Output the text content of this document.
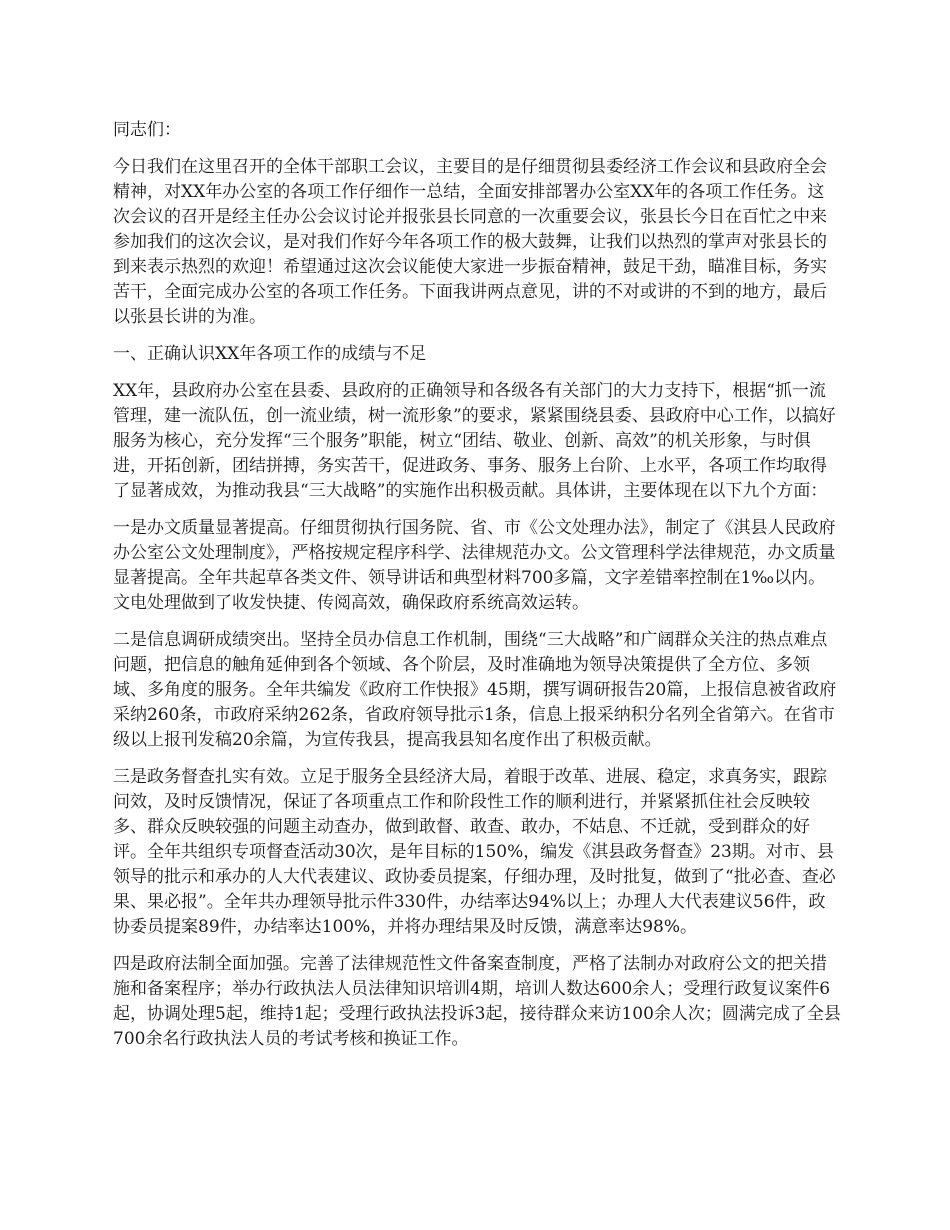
同志们：

今日我们在这里召开的全体干部职工会议，主要目的是仔细贯彻县委经济工作会议和县政府全会精神，对XX年办公室的各项工作仔细作一总结，全面安排部署办公室XX年的各项工作任务。这次会议的召开是经主任办公会议讨论并报张县长同意的一次重要会议，张县长今日在百忙之中来参加我们的这次会议，是对我们作好今年各项工作的极大鼓舞，让我们以热烈的掌声对张县长的到来表示热烈的欢迎！希望通过这次会议能使大家进一步振奋精神，鼓足干劲，瞄准目标，务实苦干，全面完成办公室的各项工作任务。下面我讲两点意见，讲的不对或讲的不到的地方，最后以张县长讲的为准。

一、正确认识XX年各项工作的成绩与不足

XX年，县政府办公室在县委、县政府的正确领导和各级各有关部门的大力支持下，根据“抓一流管理，建一流队伍，创一流业绩，树一流形象”的要求，紧紧围绕县委、县政府中心工作，以搞好服务为核心，充分发挥“三个服务”职能，树立“团结、敬业、创新、高效”的机关形象，与时俱进，开拓创新，团结拼搏，务实苦干，促进政务、事务、服务上台阶、上水平，各项工作均取得了显著成效，为推动我县“三大战略”的实施作出积极贡献。具体讲，主要体现在以下九个方面：

一是办文质量显著提高。仔细贯彻执行国务院、省、市《公文处理办法》，制定了《淇县人民政府办公室公文处理制度》，严格按规定程序科学、法律规范办文。公文管理科学法律规范，办文质量显著提高。全年共起草各类文件、领导讲话和典型材料700多篇，文字差错率控制在1‰以内。文电处理做到了收发快捷、传阅高效，确保政府系统高效运转。

二是信息调研成绩突出。坚持全员办信息工作机制，围绕“三大战略”和广阔群众关注的热点难点问题，把信息的触角延伸到各个领域、各个阶层，及时准确地为领导决策提供了全方位、多领域、多角度的服务。全年共编发《政府工作快报》45期，撰写调研报告20篇，上报信息被省政府采纳260条，市政府采纳262条，省政府领导批示1条，信息上报采纳积分名列全省第六。在省市级以上报刊发稿20余篇，为宣传我县，提高我县知名度作出了积极贡献。

三是政务督查扎实有效。立足于服务全县经济大局，着眼于改革、进展、稳定，求真务实，跟踪问效，及时反馈情况，保证了各项重点工作和阶段性工作的顺利进行，并紧紧抓住社会反映较多、群众反映较强的问题主动查办，做到敢督、敢查、敢办，不姑息、不迁就，受到群众的好评。全年共组织专项督查活动30次，是年目标的150%，编发《淇县政务督查》23期。对市、县领导的批示和承办的人大代表建议、政协委员提案，仔细办理，及时批复，做到了“批必查、查必果、果必报”。全年共办理领导批示件330件，办结率达94%以上；办理人大代表建议56件，政协委员提案89件，办结率达100%，并将办理结果及时反馈，满意率达98%。

四是政府法制全面加强。完善了法律规范性文件备案查制度，严格了法制办对政府公文的把关措施和备案程序；举办行政执法人员法律知识培训4期，培训人数达600余人；受理行政复议案件6起，协调处理5起，维持1起；受理行政执法投诉3起，接待群众来访100余人次；圆满完成了全县700余名行政执法人员的考试考核和换证工作。
